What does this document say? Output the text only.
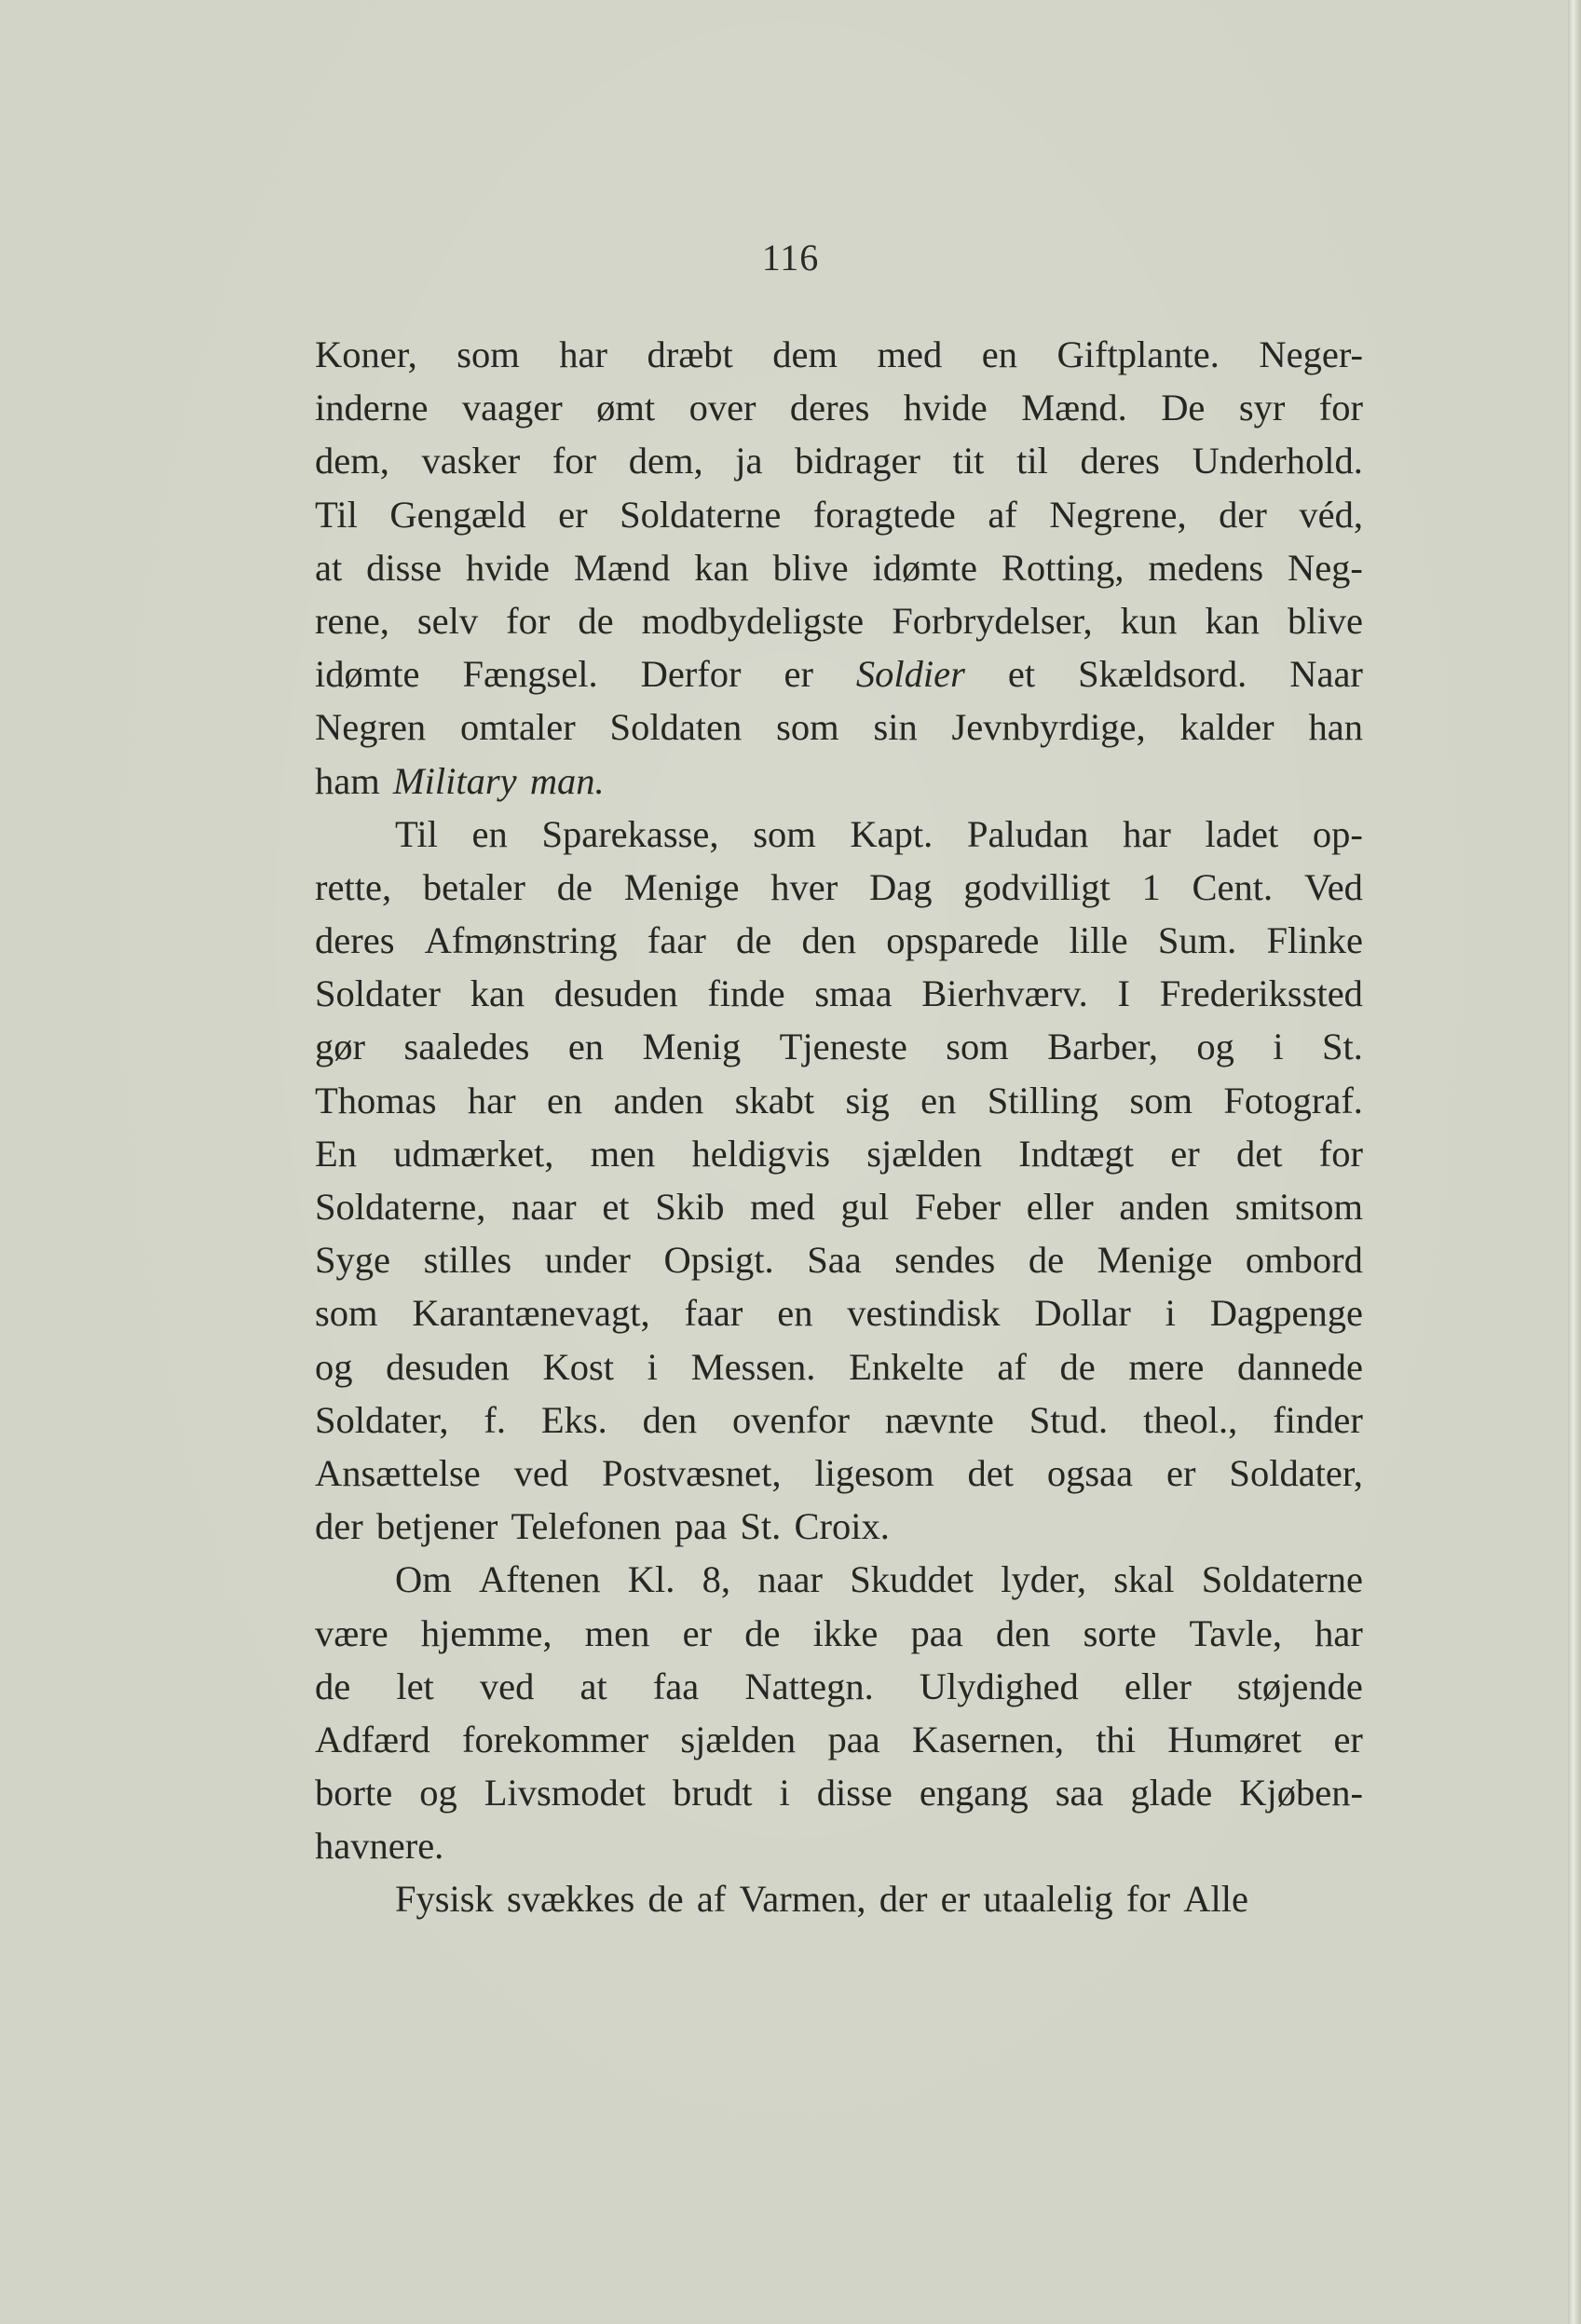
116
Koner, som har dræbt dem med en Giftplante. Neger-
inderne vaager ømt over deres hvide Mænd. De syr for
dem, vasker for dem, ja bidrager tit til deres Underhold.
Til Gengæld er Soldaterne foragtede af Negrene, der véd,
at disse hvide Mænd kan blive idømte Rotting, medens Neg-
rene, selv for de modbydeligste Forbrydelser, kun kan blive
idømte Fængsel. Derfor er Soldier et Skældsord. Naar
Negren omtaler Soldaten som sin Jevnbyrdige, kalder han
ham Military man.
Til en Sparekasse, som Kapt. Paludan har ladet op-
rette, betaler de Menige hver Dag godvilligt 1 Cent. Ved
deres Afmønstring faar de den opsparede lille Sum. Flinke
Soldater kan desuden finde smaa Bierhværv. I Frederikssted
gør saaledes en Menig Tjeneste som Barber, og i St.
Thomas har en anden skabt sig en Stilling som Fotograf.
En udmærket, men heldigvis sjælden Indtægt er det for
Soldaterne, naar et Skib med gul Feber eller anden smitsom
Syge stilles under Opsigt. Saa sendes de Menige ombord
som Karantænevagt, faar en vestindisk Dollar i Dagpenge
og desuden Kost i Messen. Enkelte af de mere dannede
Soldater, f. Eks. den ovenfor nævnte Stud. theol., finder
Ansættelse ved Postvæsnet, ligesom det ogsaa er Soldater,
der betjener Telefonen paa St. Croix.
Om Aftenen Kl. 8, naar Skuddet lyder, skal Soldaterne
være hjemme, men er de ikke paa den sorte Tavle, har
de let ved at faa Nattegn. Ulydighed eller støjende
Adfærd forekommer sjælden paa Kasernen, thi Humøret er
borte og Livsmodet brudt i disse engang saa glade Kjøben-
havnere.
Fysisk svækkes de af Varmen, der er utaalelig for Alle
